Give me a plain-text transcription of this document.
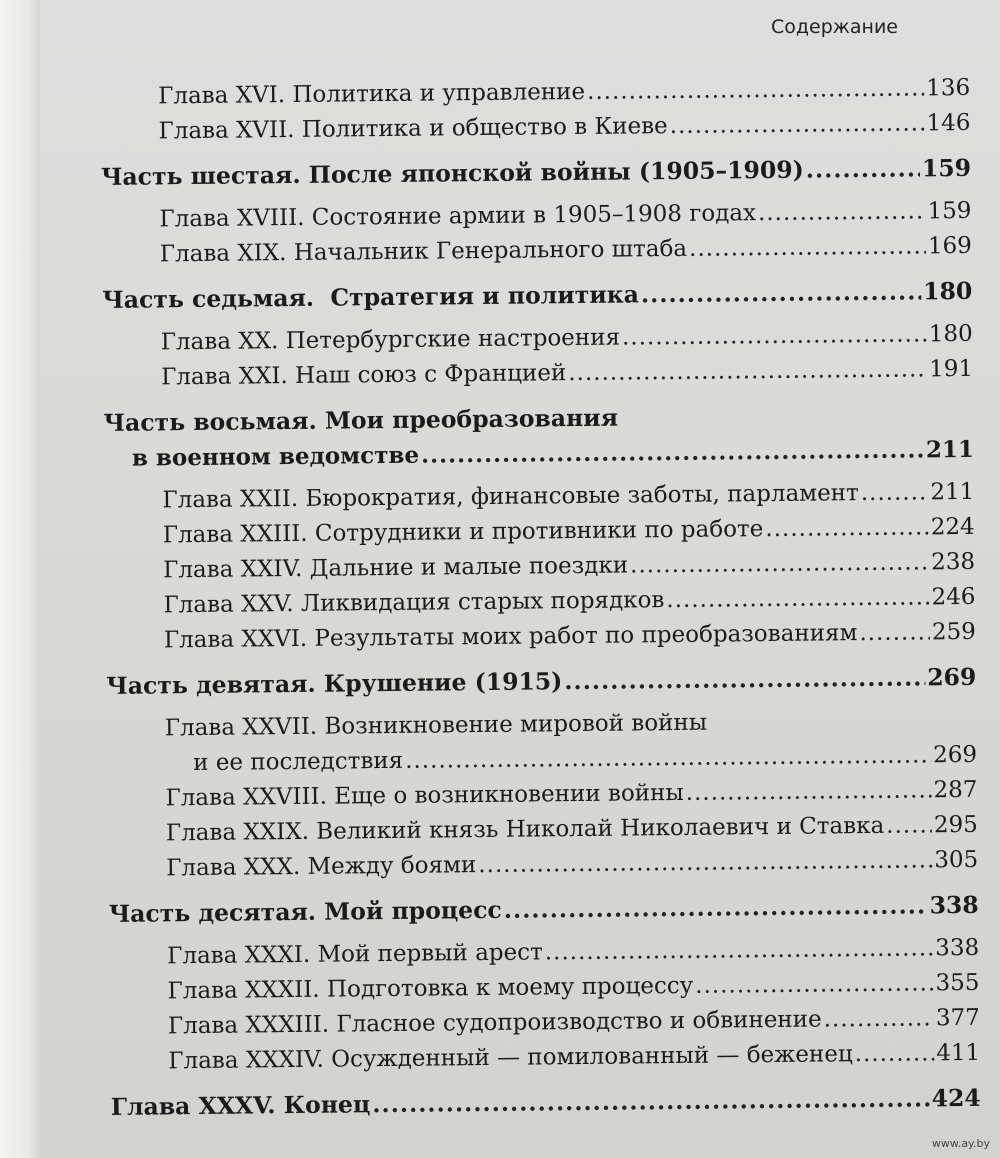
Содержание
Глава XVI. Политика и управление .....	136
Глава XVII. Политика и общество в Киеве .....	146
Часть шестая. После японской войны (1905–1909) .....	159
Глава XVIII. Состояние армии в 1905–1908 годах .....	159
Глава XIX. Начальник Генерального штаба .....	169
Часть седьмая.  Стратегия и политика .....	180
Глава XX. Петербургские настроения .....	180
Глава XXI. Наш союз с Францией .....	191
Часть восьмая. Мои преобразования
в военном ведомстве .....	211
Глава XXII. Бюрократия, финансовые заботы, парламент .....	211
Глава XXIII. Сотрудники и противники по работе .....	224
Глава XXIV. Дальние и малые поездки .....	238
Глава XXV. Ликвидация старых порядков .....	246
Глава XXVI. Результаты моих работ по преобразованиям .....	259
Часть девятая. Крушение (1915) .....	269
Глава XXVII. Возникновение мировой войны
и ее последствия .....	269
Глава XXVIII. Еще о возникновении войны .....	287
Глава XXIX. Великий князь Николай Николаевич и Ставка ..... 295
Глава XXX. Между боями .....	305
Часть десятая. Мой процесс .....	338
Глава XXXI. Мой первый арест .....	338
Глава XXXII. Подготовка к моему процессу .....	355
Глава XXXIII. Гласное судопроизводство и обвинение .....	377
Глава XXXIV. Осужденный — помилованный — беженец .....	411
Глава XXXV. Конец .....	424
www.ay.by
